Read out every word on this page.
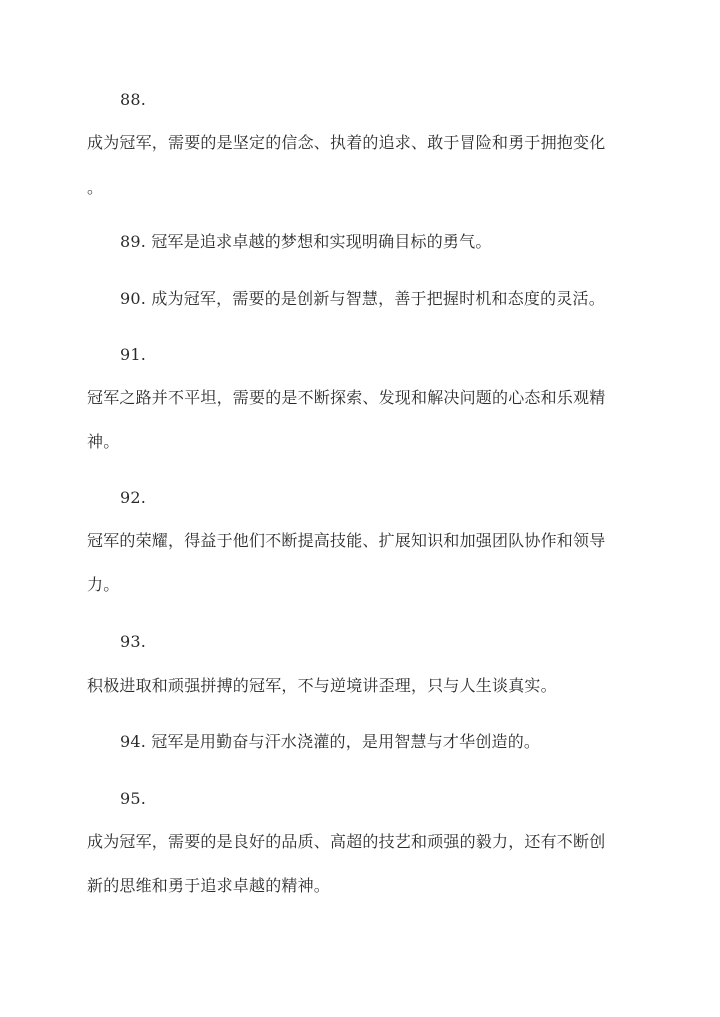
88.
成为冠军，需要的是坚定的信念、执着的追求、敢于冒险和勇于拥抱变化
。
89. 冠军是追求卓越的梦想和实现明确目标的勇气。
90. 成为冠军，需要的是创新与智慧，善于把握时机和态度的灵活。
91.
冠军之路并不平坦，需要的是不断探索、发现和解决问题的心态和乐观精
神。
92.
冠军的荣耀，得益于他们不断提高技能、扩展知识和加强团队协作和领导
力。
93.
积极进取和顽强拼搏的冠军，不与逆境讲歪理，只与人生谈真实。
94. 冠军是用勤奋与汗水浇灌的，是用智慧与才华创造的。
95.
成为冠军，需要的是良好的品质、高超的技艺和顽强的毅力，还有不断创
新的思维和勇于追求卓越的精神。
